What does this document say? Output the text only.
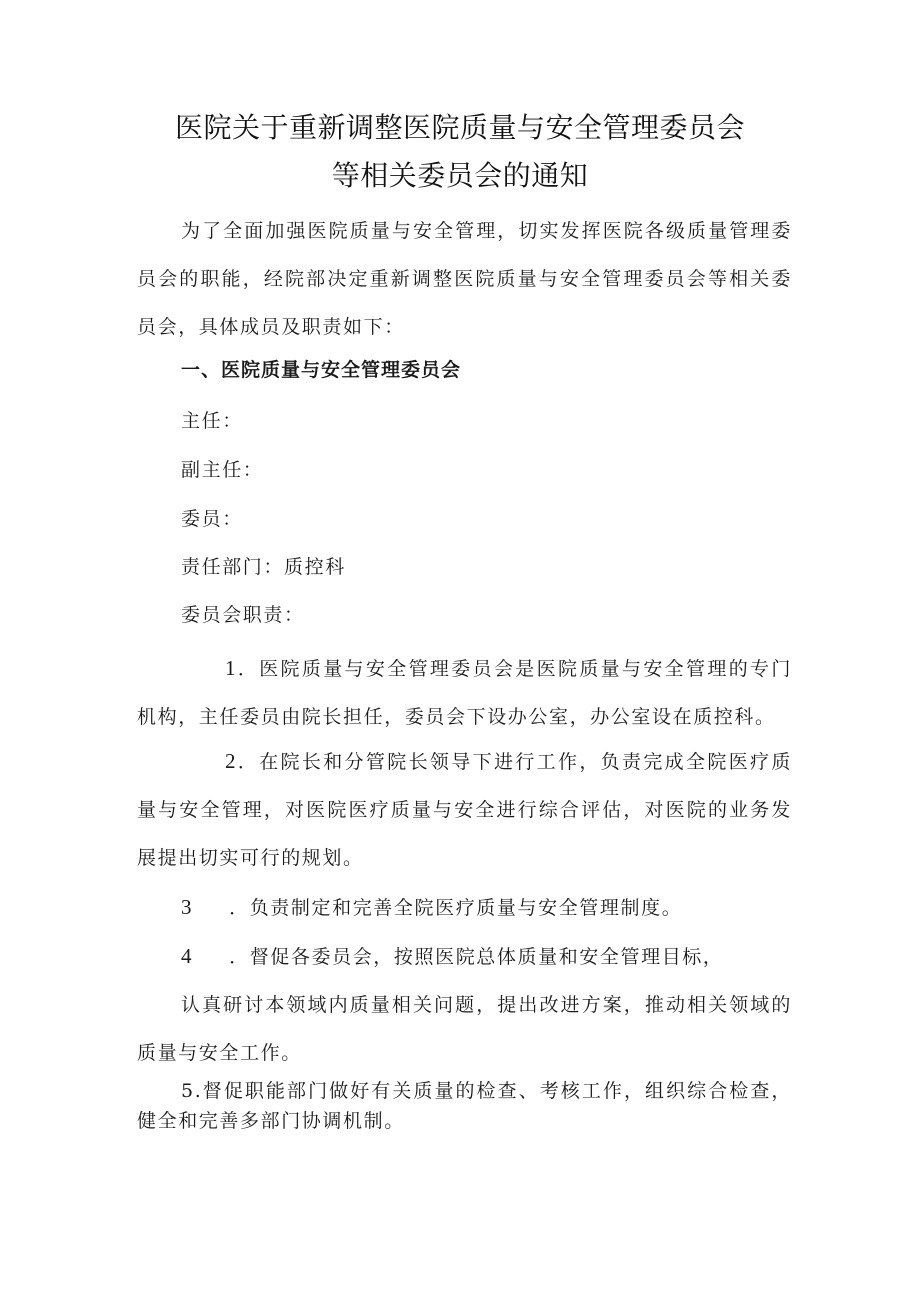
医院关于重新调整医院质量与安全管理委员会
等相关委员会的通知

为了全面加强医院质量与安全管理，切实发挥医院各级质量管理委员会的职能，经院部决定重新调整医院质量与安全管理委员会等相关委员会，具体成员及职责如下：

一、医院质量与安全管理委员会
主任：
副主任：
委员：
责任部门：质控科
委员会职责：

1．医院质量与安全管理委员会是医院质量与安全管理的专门机构，主任委员由院长担任，委员会下设办公室，办公室设在质控科。

2．在院长和分管院长领导下进行工作，负责完成全院医疗质量与安全管理，对医院医疗质量与安全进行综合评估，对医院的业务发展提出切实可行的规划。

3 ．负责制定和完善全院医疗质量与安全管理制度。
4 ．督促各委员会，按照医院总体质量和安全管理目标，

认真研讨本领域内质量相关问题，提出改进方案，推动相关领域的质量与安全工作。

5.督促职能部门做好有关质量的检查、考核工作，组织综合检查，健全和完善多部门协调机制。
